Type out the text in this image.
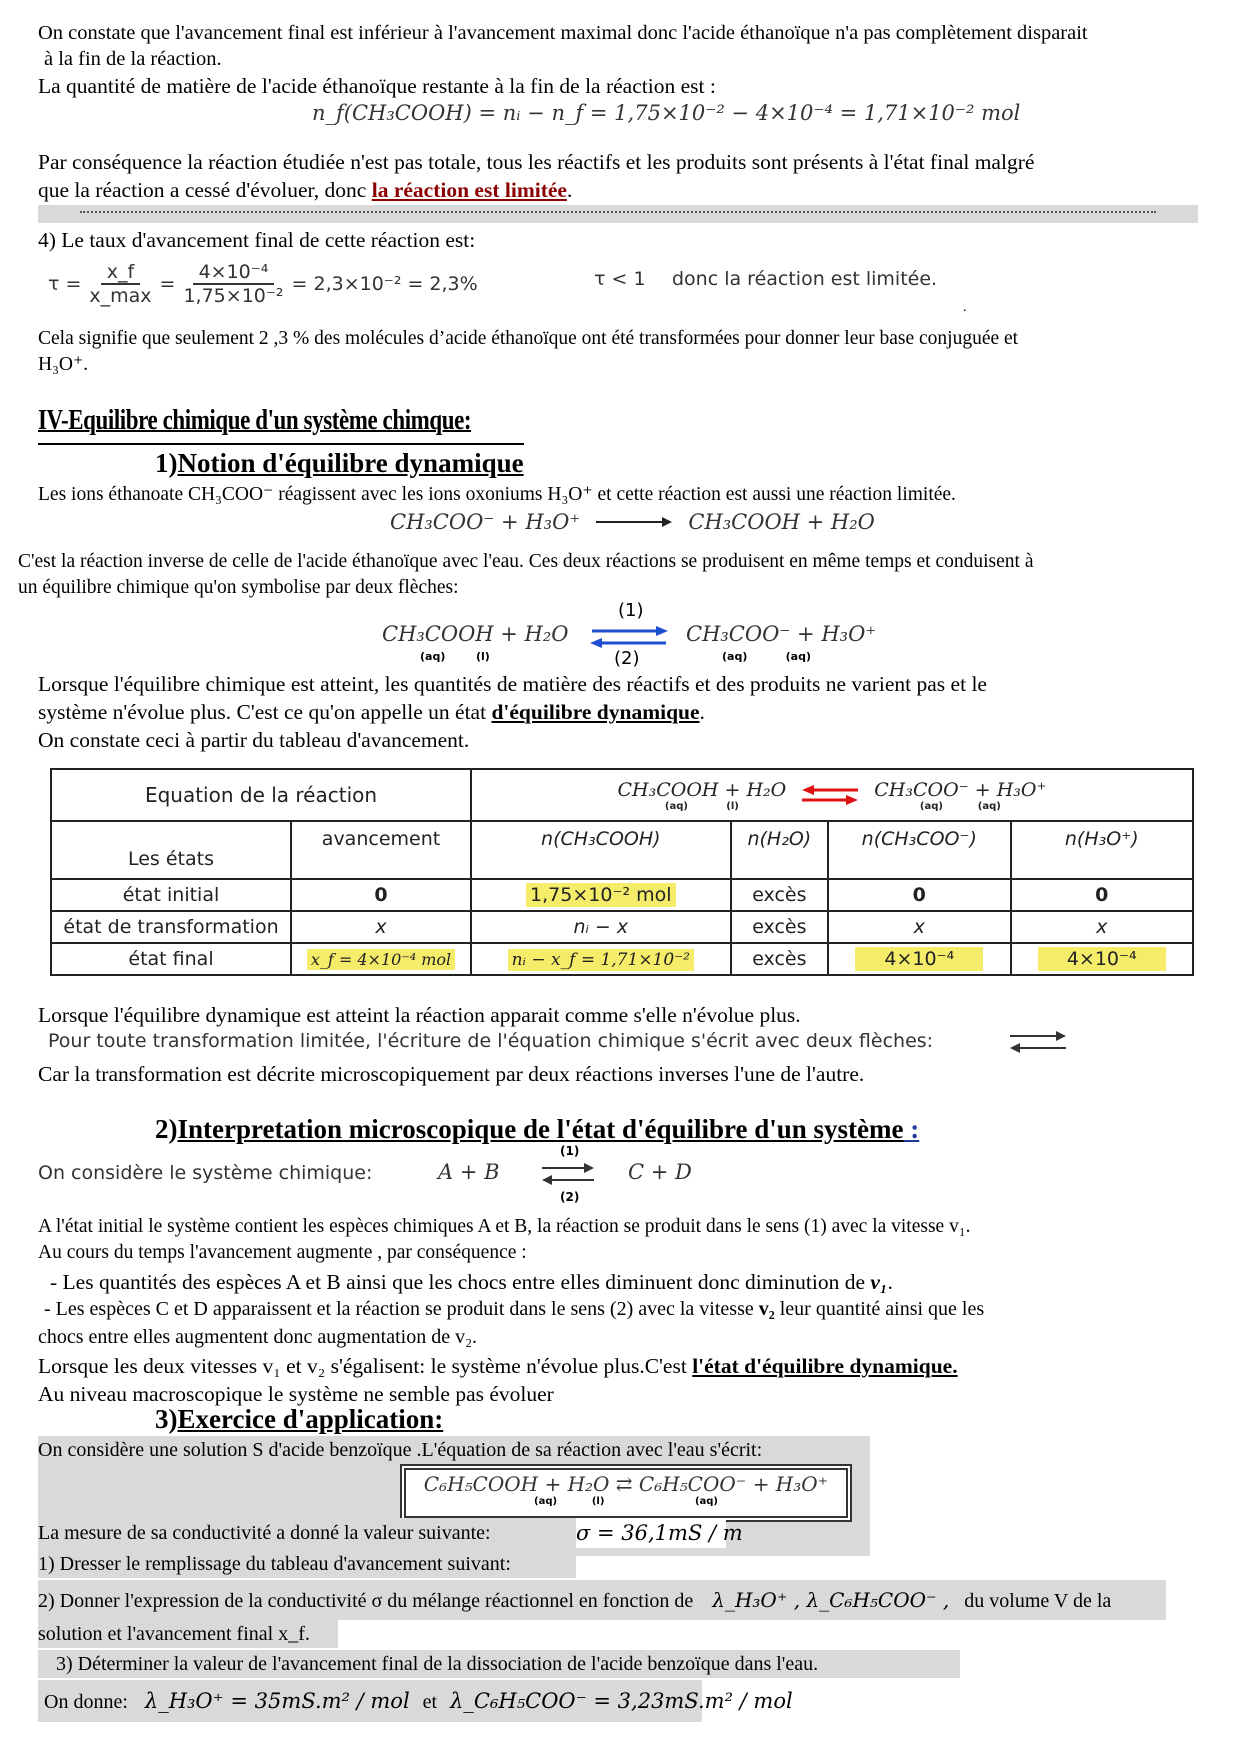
On constate que l'avancement final est inférieur à l'avancement maximal donc l'acide éthanoïque n'a pas complètement disparait
à la fin de la réaction.
La quantité de matière de l'acide éthanoïque restante à la fin de la réaction est :
n_f(CH₃COOH) = nᵢ − n_f = 1,75×10⁻² − 4×10⁻⁴ = 1,71×10⁻² mol
Par conséquence la réaction étudiée n'est pas totale, tous les réactifs et les produits sont présents à l'état final malgré
que la réaction a cessé d'évoluer, donc la réaction est limitée.
4) Le taux d'avancement final de cette réaction est:
τ =
x_f
x_max
= $\frac{\text{4×10⁻⁴}}{\text{1,75×10⁻²}} = 2,3\times 10^{-2} = 2,3\%$	τ < 1 donc la réaction est limitée.
.
Cela signifie que seulement 2 ,3 % des molécules d’acide éthanoïque ont été transformées pour donner leur base conjuguée et
H₃O⁺.
IV-Equilibre chimique d'un système chimque:
1)Notion d'équilibre dynamique
Les ions éthanoate CH₃COO⁻ réagissent avec les ions oxoniums H₃O⁺ et cette réaction est aussi une réaction limitée.
CH₃COO⁻ + H₃O⁺	CH₃COOH + H₂O
C'est la réaction inverse de celle de l'acide éthanoïque avec l'eau. Ces deux réactions se produisent en même temps et conduisent à
un équilibre chimique qu'on symbolise par deux flèches:
CH₃COOH + H₂O
(aq)        (l)
(1)
(2)
CH₃COO⁻ + H₃O⁺
(aq)          (aq)
Lorsque l'équilibre chimique est atteint, les quantités de matière des réactifs et des produits ne varient pas et le
système n'évolue plus. C'est ce qu'on appelle un état d'équilibre dynamique.
On constate ceci à partir du tableau d'avancement.
Equation de la réaction		CH₃COOH + H₂O
(aq)           (l)
CH₃COO⁻ + H₃O⁺
(aq)          (aq)			

Les états	avancement	n(CH₃COOH)	n(H₂O)	n(CH₃COO⁻)	n(H₃O⁺)
état initial	0	1,75×10⁻² mol	excès	0	0
état de transformation	x	nᵢ − x	excès	x	x
état final	x_f = 4×10⁻⁴ mol	nᵢ − x_f = 1,71×10⁻²	excès	4×10⁻⁴	4×10⁻⁴
Lorsque l'équilibre dynamique est atteint la réaction apparait comme s'elle n'évolue plus.
Pour toute transformation limitée, l'écriture de l'équation chimique s'écrit avec deux flèches:
Car la transformation est décrite microscopiquement par deux réactions inverses l'une de l'autre.
2)Interpretation microscopique de l'état d'équilibre d'un système :
On considère le système chimique:	A + B
(1)
(2)
C + D
A l'état initial le système contient les espèces chimiques A et B, la réaction se produit dans le sens (1) avec la vitesse v₁.
Au cours du temps l'avancement augmente , par conséquence :
- Les quantités des espèces A et B ainsi que les chocs entre elles diminuent donc diminution de v₁.
- Les espèces C et D apparaissent et la réaction se produit dans le sens (2) avec la vitesse v₂ leur quantité ainsi que les
chocs entre elles augmentent donc augmentation de v₂.
Lorsque les deux vitesses v₁ et v₂ s'égalisent: le système n'évolue plus.C'est l'état d'équilibre dynamique.
Au niveau macroscopique le système ne semble pas évoluer
3)Exercice d'application:
On considère une solution S d'acide benzoïque .L'équation de sa réaction avec l'eau s'écrit:
C₆H₅COOH + H₂O ⇄ C₆H₅COO⁻ + H₃O⁺
(aq)          (l)                          (aq)
La mesure de sa conductivité a donné la valeur suivante:	σ = 36,1mS / m
1) Dresser le remplissage du tableau d'avancement suivant:
2) Donner l'expression de la conductivité σ du mélange réactionnel en fonction de λ_H₃O⁺ , λ_C₆H₅COO⁻ , du volume V de la
solution et l'avancement final x_f.
3) Déterminer la valeur de l'avancement final de la dissociation de l'acide benzoïque dans l'eau.
On donne: λ_H₃O⁺ = 35mS.m² / mol et λ_C₆H₅COO⁻ = 3,23mS.m² / mol
